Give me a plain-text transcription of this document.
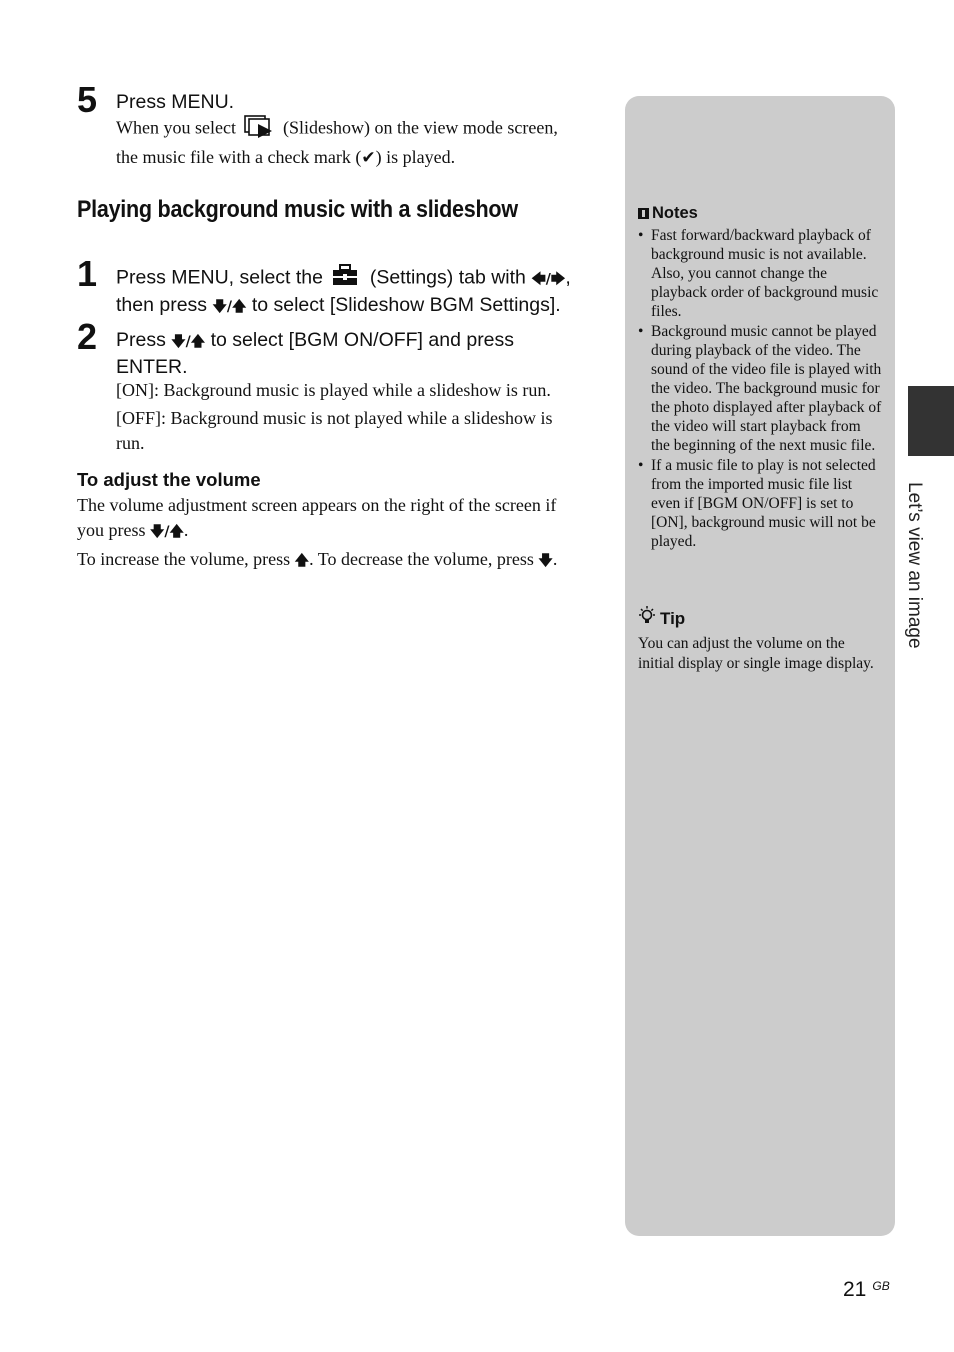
5 Press MENU.
When you select	(Slideshow) on the view mode screen,
the music file with a check mark (✔) is played.
Playing background music with a slideshow
1 Press MENU, select the (Settings) tab with 🡄/🡆,
then press 🡇/🡅 to select [Slideshow BGM Settings].
2 Press 🡇/🡅 to select [BGM ON/OFF] and press
ENTER.
[ON]: Background music is played while a slideshow is run.
[OFF]: Background music is not played while a slideshow is
run.
To adjust the volume
The volume adjustment screen appears on the right of the screen if
you press 🡇/🡅.
To increase the volume, press 🡅. To decrease the volume, press 🡇.
Notes
• Fast forward/backward playback of background music is not available. Also, you cannot change the playback order of background music files.
• Background music cannot be played during playback of the video. The sound of the video file is played with the video. The background music for the photo displayed after playback of the video will start playback from the beginning of the next music file.
• If a music file to play is not selected from the imported music file list even if [BGM ON/OFF] is set to [ON], background music will not be played.
Tip
You can adjust the volume on the initial display or single image display.
Let’s view an image
21 $^{GB}$
